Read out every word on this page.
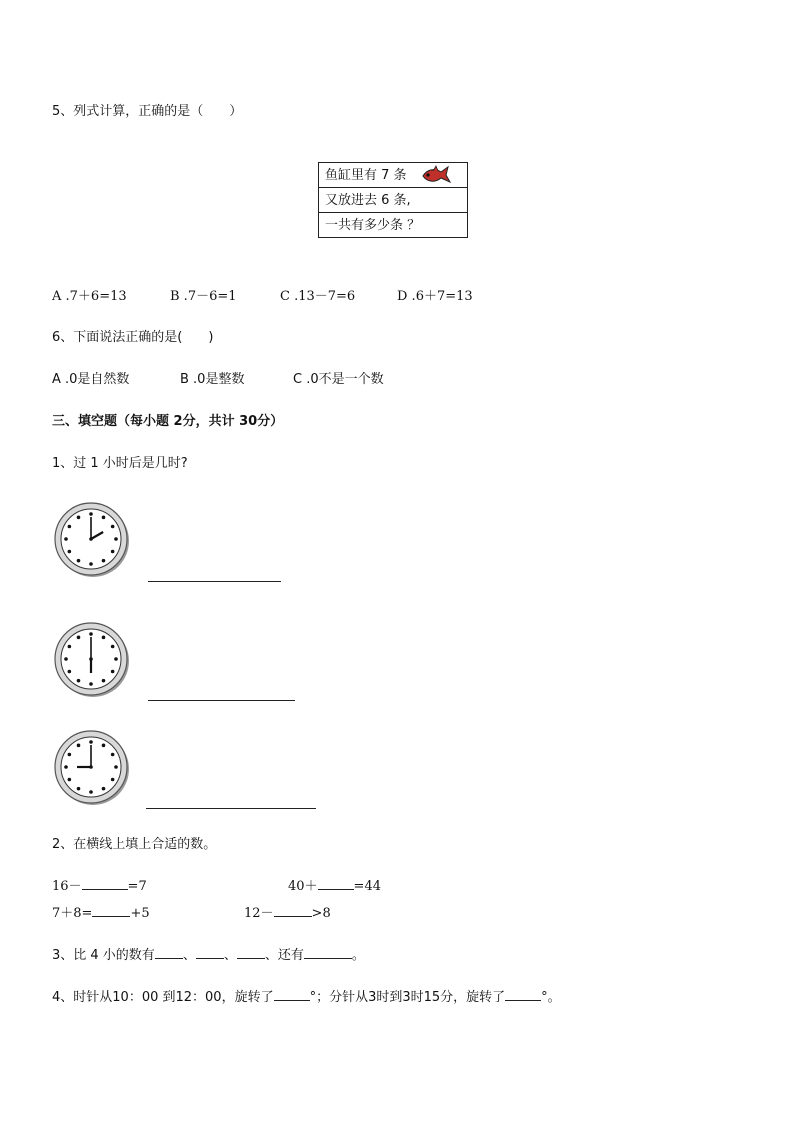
5、列式计算，正确的是（　　）
鱼缸里有 7 条
又放进去 6 条,
一共有多少条 ？
A .7＋6=13	B .7－6=1	C .13－7=6	D .6＋7=13
6、下面说法正确的是(　　)
A .0是自然数	B .0是整数	C .0不是一个数
三、填空题（每小题 2分，共计 30分）
1、过 1 小时后是几时?
2、在横线上填上合适的数。
16－	=7	40＋	=44
7＋8=	+5	12－	>8
3、比 4 小的数有 、 、 、还有	。
4、时针从10：00 到12：00，旋转了	°；分针从3时到3时15分，旋转了	°。
